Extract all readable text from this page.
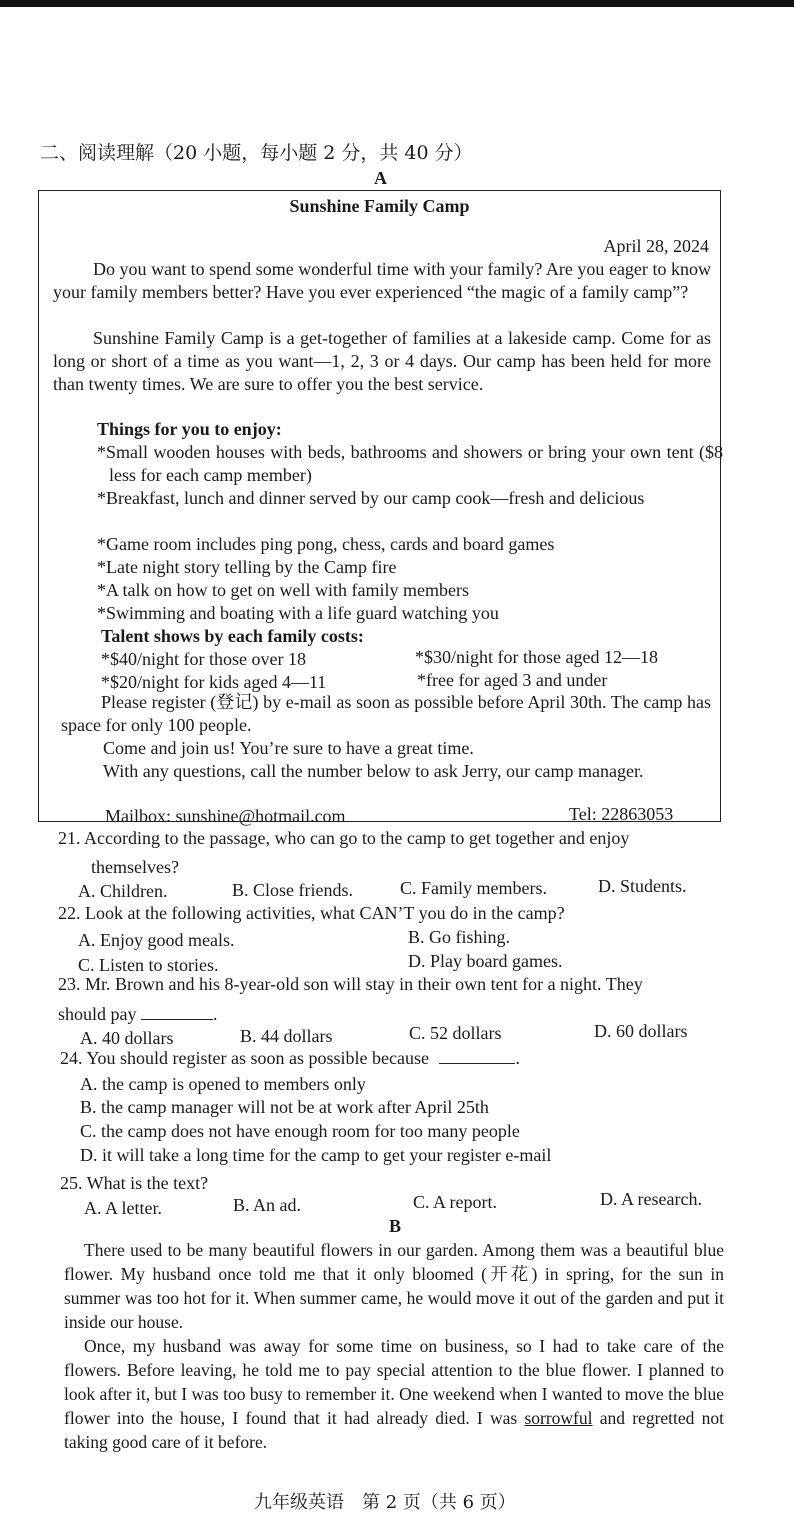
二、阅读理解（20 小题，每小题 2 分，共 40 分）
A
Sunshine Family Camp
April 28, 2024
Do you want to spend some wonderful time with your family? Are you eager to know your family members better? Have you ever experienced “the magic of a family camp”?
Sunshine Family Camp is a get-together of families at a lakeside camp. Come for as long or short of a time as you want—1, 2, 3 or 4 days. Our camp has been held for more than twenty times. We are sure to offer you the best service.
Things for you to enjoy:
*Small wooden houses with beds, bathrooms and showers or bring your own tent ($8 less for each camp member)
*Breakfast, lunch and dinner served by our camp cook—fresh and delicious
*Game room includes ping pong, chess, cards and board games
*Late night story telling by the Camp fire
*A talk on how to get on well with family members
*Swimming and boating with a life guard watching you
Talent shows by each family costs:
*$40/night for those over 18	*$30/night for those aged 12—18
*$20/night for kids aged 4—11	*free for aged 3 and under
Please register (登记) by e-mail as soon as possible before April 30th. The camp has space for only 100 people.
Come and join us! You’re sure to have a great time.
With any questions, call the number below to ask Jerry, our camp manager.
Mailbox: sunshine@hotmail.com	Tel: 22863053
21. According to the passage, who can go to the camp to get together and enjoy
themselves?
A. Children.	B. Close friends.	C. Family members.	D. Students.
22. Look at the following activities, what CAN’T you do in the camp?
A. Enjoy good meals.	B. Go fishing.
C. Listen to stories.	D. Play board games.
23. Mr. Brown and his 8-year-old son will stay in their own tent for a night. They
should pay	.
A. 40 dollars	B. 44 dollars	C. 52 dollars	D. 60 dollars
24. You should register as soon as possible because	.
A. the camp is opened to members only
B. the camp manager will not be at work after April 25th
C. the camp does not have enough room for too many people
D. it will take a long time for the camp to get your register e-mail
25. What is the text?
A. A letter.	B. An ad.	C. A report.	D. A research.
B
There used to be many beautiful flowers in our garden. Among them was a beautiful blue flower. My husband once told me that it only bloomed (开花) in spring, for the sun in summer was too hot for it. When summer came, he would move it out of the garden and put it inside our house.
Once, my husband was away for some time on business, so I had to take care of the flowers. Before leaving, he told me to pay special attention to the blue flower. I planned to look after it, but I was too busy to remember it. One weekend when I wanted to move the blue flower into the house, I found that it had already died. I was sorrowful and regretted not taking good care of it before.
九年级英语　第 2 页（共 6 页）
